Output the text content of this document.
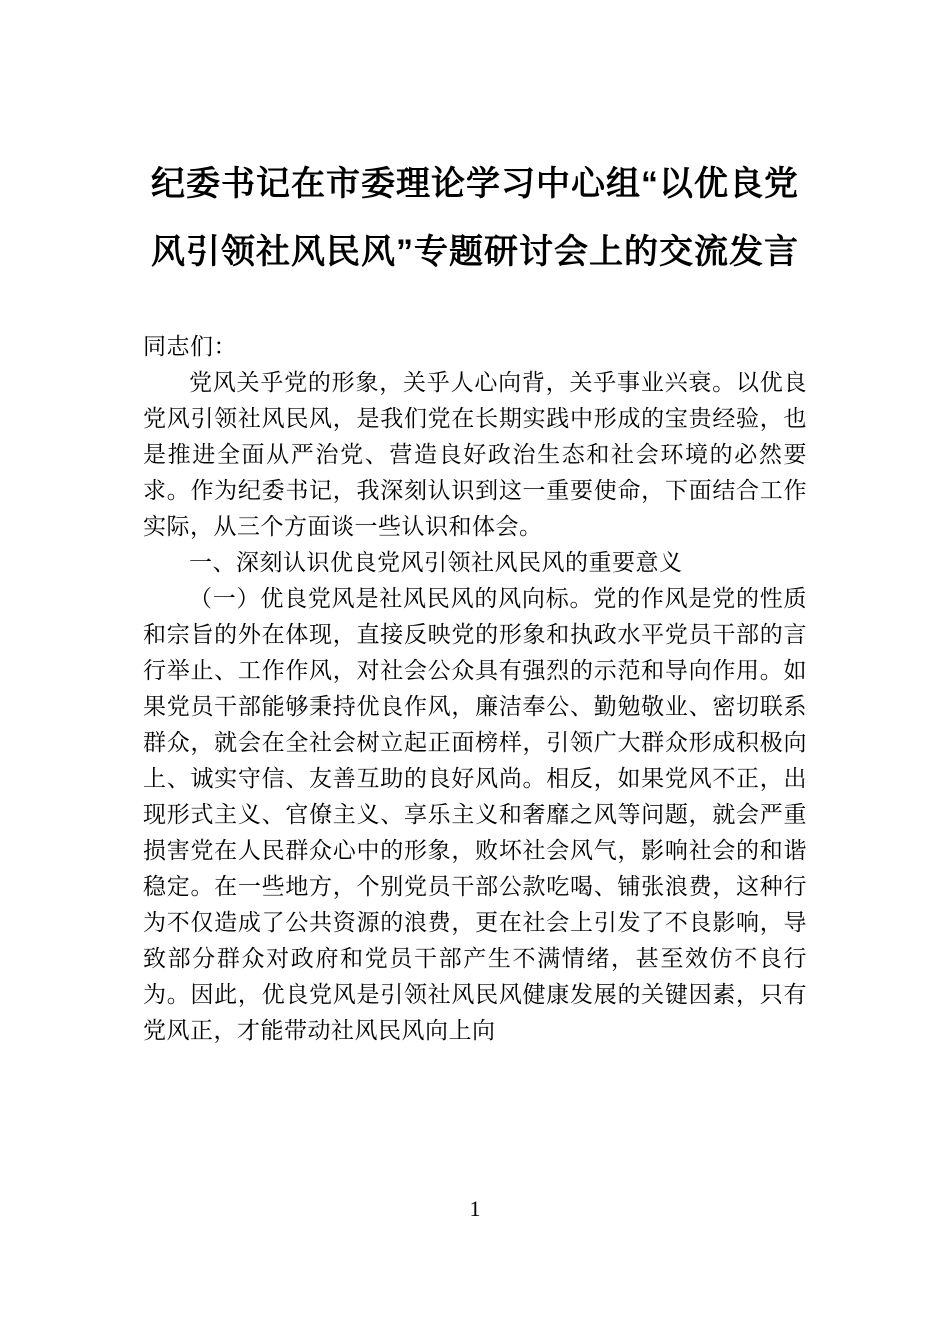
纪委书记在市委理论学习中心组“以优良党风引领社风民风”专题研讨会上的交流发言

同志们：

党风关乎党的形象，关乎人心向背，关乎事业兴衰。以优良党风引领社风民风，是我们党在长期实践中形成的宝贵经验，也是推进全面从严治党、营造良好政治生态和社会环境的必然要求。作为纪委书记，我深刻认识到这一重要使命，下面结合工作实际，从三个方面谈一些认识和体会。

一、深刻认识优良党风引领社风民风的重要意义

（一）优良党风是社风民风的风向标。党的作风是党的性质和宗旨的外在体现，直接反映党的形象和执政水平党员干部的言行举止、工作作风，对社会公众具有强烈的示范和导向作用。如果党员干部能够秉持优良作风，廉洁奉公、勤勉敬业、密切联系群众，就会在全社会树立起正面榜样，引领广大群众形成积极向上、诚实守信、友善互助的良好风尚。相反，如果党风不正，出现形式主义、官僚主义、享乐主义和奢靡之风等问题，就会严重损害党在人民群众心中的形象，败坏社会风气，影响社会的和谐稳定。在一些地方，个别党员干部公款吃喝、铺张浪费，这种行为不仅造成了公共资源的浪费，更在社会上引发了不良影响，导致部分群众对政府和党员干部产生不满情绪，甚至效仿不良行为。因此，优良党风是引领社风民风健康发展的关键因素，只有党风正，才能带动社风民风向上向

1
